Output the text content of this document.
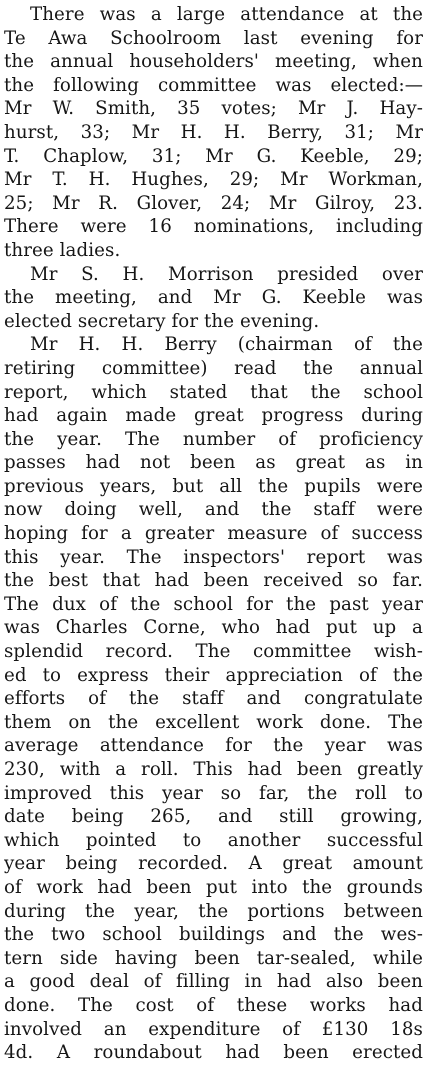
There was a large attendance at the
Te Awa Schoolroom last evening for
the annual householders' meeting, when
the following committee was elected:—
Mr W. Smith, 35 votes; Mr J. Hay-
hurst, 33; Mr H. H. Berry, 31; Mr
T. Chaplow, 31; Mr G. Keeble, 29;
Mr T. H. Hughes, 29; Mr Workman,
25; Mr R. Glover, 24; Mr Gilroy, 23.
There were 16 nominations, including
three ladies.
Mr S. H. Morrison presided over
the meeting, and Mr G. Keeble was
elected secretary for the evening.
Mr H. H. Berry (chairman of the
retiring committee) read the annual
report, which stated that the school
had again made great progress during
the year. The number of proficiency
passes had not been as great as in
previous years, but all the pupils were
now doing well, and the staff were
hoping for a greater measure of success
this year. The inspectors' report was
the best that had been received so far.
The dux of the school for the past year
was Charles Corne, who had put up a
splendid record. The committee wish-
ed to express their appreciation of the
efforts of the staff and congratulate
them on the excellent work done. The
average attendance for the year was
230, with a roll. This had been greatly
improved this year so far, the roll to
date being 265, and still growing,
which pointed to another successful
year being recorded. A great amount
of work had been put into the grounds
during the year, the portions between
the two school buildings and the wes-
tern side having been tar-sealed, while
a good deal of filling in had also been
done. The cost of these works had
involved an expenditure of £130 18s
4d. A roundabout had been erected
